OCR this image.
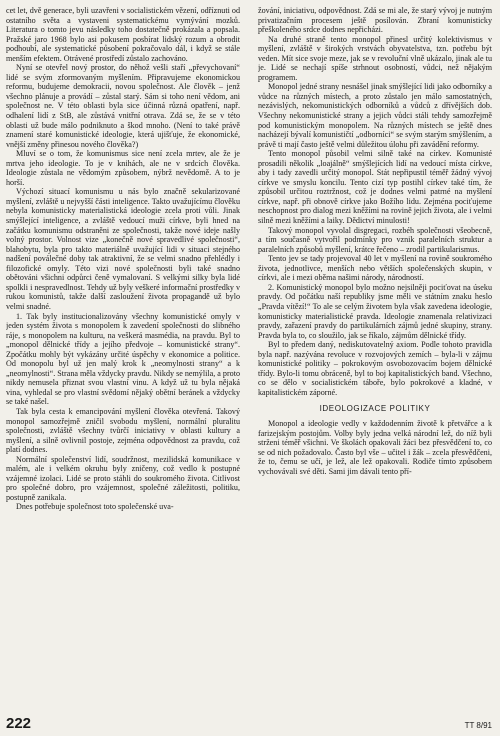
cet let, dvě generace, byli uzavřeni v socialistickém vězení, odříznuti od ostatního světa a vystaveni systematickému vymývání mozků. Literatura o tomto jevu následky toho dostatečně prokázala a popsala. Pražské jaro 1968 bylo asi pokusem posbírat lidský rozum a obrodit podhoubí, ale systematické působení pokračovalo dál, i když se stále menším efektem. Otrávené prostředí zůstalo zachováno.

Nyní se otevřel nový prostor, do něhož vešli staří „převychovaní“ lidé se svým zformovaným myšlením. Připravujeme ekonomickou reformu, budujeme demokracii, novou společnost. Ale člověk – jenž všechno plánuje a provádí – zůstal starý. Sám si toho není vědom, ani společnost ne. V této oblasti byla sice účinná různá opatření, např. odhalení lidí z StB, ale zůstává vnitřní otrava. Zdá se, že se v této oblasti už bude málo podniknuto a škod mnoho. (Není to také právě znamení staré komunistické ideologie, která ujišťuje, že ekonomické, vnější změny přinesou nového člověka?)

Mluví se o tom, že komunismus sice není zcela mrtev, ale že je mrtva jeho ideologie. To je v knihách, ale ne v srdcích člověka. Ideologie zůstala ne vědomým způsobem, nýbrž nevědomě. A to je horší.

Výchozí situací komunismu u nás bylo značně sekularizované myšlení, zvláště u nejvyšší části inteligence. Takto uvažujícímu člověku nebyla komunisticky materialistická ideologie zcela proti vůli. Jinak smýšlející inteligence, a zvláště vedoucí muži církve, byli hned na začátku komunismu odstraněni ze společnosti, takže nové ideje našly volný prostor. Volnost vize „konečně nové spravedlivé společnosti“, blahobytu, byla pro takto materiálně uvažující lidi v situaci stejného nadšení poválečné doby tak atraktivní, že se velmi snadno přehlédly i filozofické omyly. Této vizi nové společnosti byli také snadno obětováni všichni odpůrci čeně vymalovaní. S velkými silky byla lidé spolkli i nespravedlnost. Tehdy už byly veškeré informační prostředky v rukou komunistů, takže další zasloužení života propagandě už bylo velmi snadné.

1. Tak byly institucionalizovány všechny komunistické omyly v jeden systém života s monopolem k zavedení společnosti do slibného ráje, s monopolem na kulturu, na veškerá masmédia, na pravdu. Byl to „monopol dělnické třídy a jejího předvoje – komunistické strany“. Zpočátku mohly být vykázány určité úspěchy v ekonomice a politice. Od monopolu byl už jen malý krok k „neomylnosti strany“ a k „neomylnosti“. Strana měla vždycky pravdu. Nikdy se nemýlila, a proto nikdy nemusela přiznat svou vlastní vinu. A když už tu byla nějaká vina, vyhledal se pro vlastní svědomí nějaký obětní beránek a vždycky se také našel.

Tak byla cesta k emancipování myšlení člověka otevřená. Takový monopol samozřejmě zničil svobodu myšlení, normální pluralitu společnosti, zvláště všechny tvůrčí iniciativy v oblasti kultury a myšlení, a silně ovlivnil postoje, zejména odpovědnost za pravdu, což platí dodnes.

Normální společenství lidí, soudržnost, mezilidská komunikace v malém, ale i velkém okruhu byly zničeny, což vedlo k postupné vzájemné izolaci. Lidé se proto stáhli do soukromého života. Citlivost pro společné dobro, pro vzájemnost, společné záležitosti, politiku, postupně zanikala.

Dnes potřebuje společnost toto společenské uva-

žování, iniciativu, odpovědnost. Zdá se mi ale, že starý vývoj je nutným privatizačním procesem ještě posílován. Zbraní komunisticky přeškoleného srdce dodnes nepřicházi.

Na druhé straně tento monopol přinesl určitý kolektivismus v myšlení, zvláště v širokých vrstvách obyvatelstva, tzn. potřebu být veden. Mít sice svoje meze, jak se v revoluční vlně ukázalo, jinak ale tu je. Lidé se nechají spíše strhnout osobností, vůdci, než nějakým programem.

Monopol jedné strany nesnášel jinak smýšlející lidi jako odborníky a vůdce na různých místech, a proto zůstalo jen málo samostatných, nezávislých, nekomunistických odborníků a vůdců z dřívějších dob. Všechny nekomunistické strany a jejich vůdci stáli tehdy samozřejmě pod komunistickým monopolem. Na různých místech se ještě dnes nacházejí bývalí komunističtí „odborníci“ se svým starým smýšlením, a právě ti mají často ještě velmi důležitou úlohu při zavádění reformy.

Tento monopol působil velmi silně také na církev. Komunisté prosadili několik „loajálně“ smýšlejících lidí na vedoucí místa církve, aby i tady zavedli určitý monopol. Stát nepřipustil téměř žádný vývoj církve ve smyslu koncilu. Tento cizí typ postihl církev také tím, že způsobil určitou roztržnost, což je dodnes velmi patrné na myšlení církve, např. při obnově církve jako Božího lidu. Zejména pociťujeme neschopnost pro dialog mezi kněžími na rovině jejich života, ale i velmi silně mezi kněžími a laiky. Dědictví minulosti!

Takový monopol vyvolal disgregaci, rozbéh společnosti všeobecně, a tím současně vytvořil podmínky pro vznik paralelních struktur a paralelních způsobů myšlení, krátce řečeno – zrodil partikularismus.

Tento jev se tady projevoval 40 let v myšlení na rovině soukromého života, jednotlivce, menších nebo větších společenských skupin, v církvi, ale i mezi oběma našimi národy, národností.

2. Komunistický monopol bylo možno nejsilněji pociťovat na úseku pravdy. Od počátku naší republiky jsme měli ve státním znaku heslo „Pravda vítězí!“ To ale se celým životem byla však zavedena ideologie, komunisticky materialistické pravda. Ideologie znamenala relativizaci pravdy, zařazení pravdy do partikulárních zájmů jedné skupiny, strany. Pravda byla to, co sloužilo, jak se říkalo, zájmům dělnické třídy.

Byl to předem daný, nediskutovatelný axiom. Podle tohoto pravidla byla např. nazývána revoluce v rozvojových zemích – byla-li v zájmu komunistické politiky – pokrokovým osvobozovacím bojem dělnické třídy. Bylo-li tomu obráceně, byl to boj kapitalistických band. Všechno, co se dělo v socialistickém táboře, bylo pokrokové a kladné, v kapitalistickém záporné.

IDEOLOGIZACE POLITIKY

Monopol a ideologie vedly v každodenním životě k přetvářce a k farizejským postojům. Volby byly jedna velká národní lež, do níž byli strženi téměř všichni. Ve školách opakovali žáci bez přesvědčení to, co se od nich požadovalo. Často byl vše – učitel i žák – zcela přesvědčeni, že to, čemu se učí, je lež, ale lež opakovali. Rodiče tímto způsobem vychovávali své děti. Sami jim dávali tento pří-

222	TT 8/91
